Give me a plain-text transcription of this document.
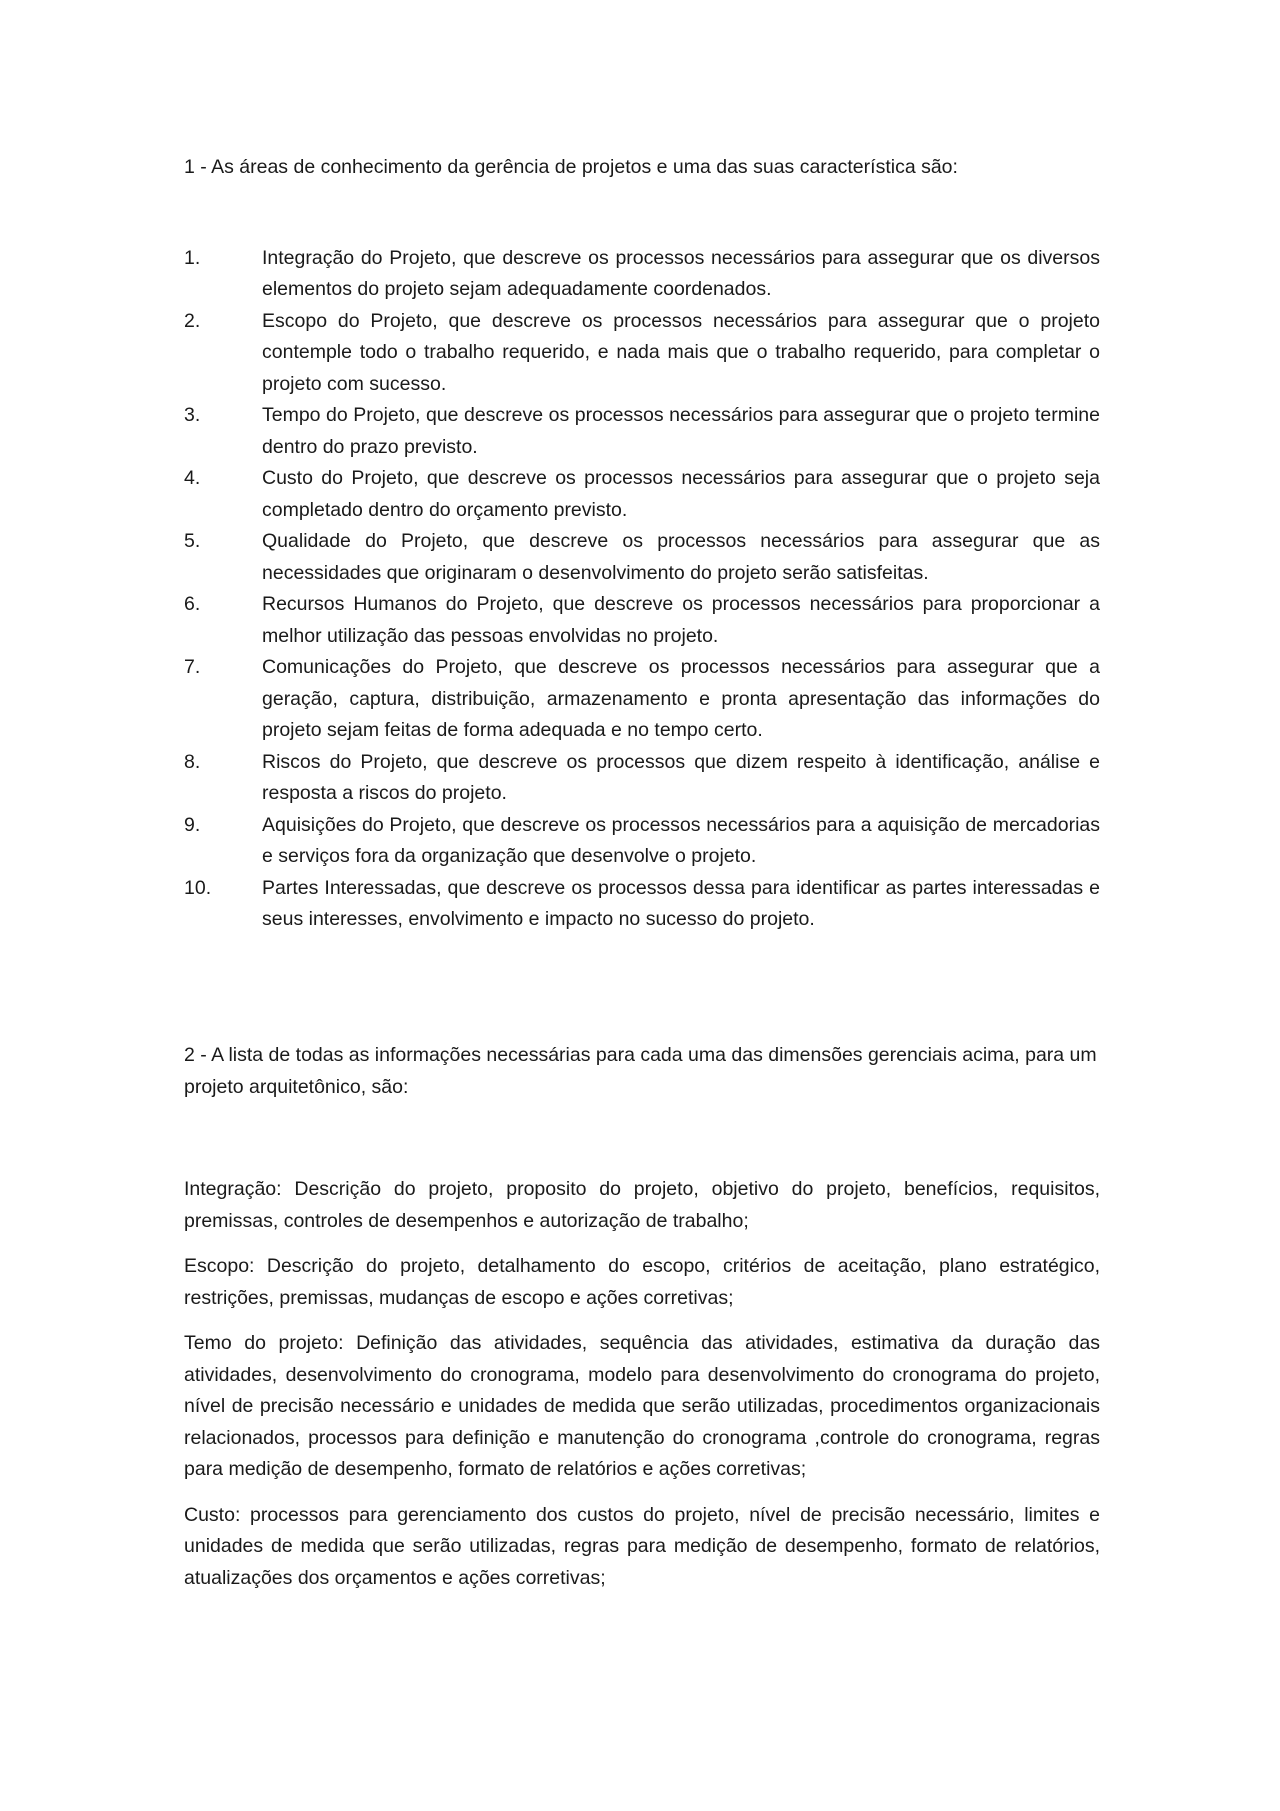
1 - As áreas de conhecimento da gerência de projetos e uma das suas característica são:

1.	Integração do Projeto, que descreve os processos necessários para assegurar que os diversos elementos do projeto sejam adequadamente coordenados.
2.	Escopo do Projeto, que descreve os processos necessários para assegurar que o projeto contemple todo o trabalho requerido, e nada mais que o trabalho requerido, para completar o projeto com sucesso.
3.	Tempo do Projeto, que descreve os processos necessários para assegurar que o projeto termine dentro do prazo previsto.
4.	Custo do Projeto, que descreve os processos necessários para assegurar que o projeto seja completado dentro do orçamento previsto.
5.	Qualidade do Projeto, que descreve os processos necessários para assegurar que as necessidades que originaram o desenvolvimento do projeto serão satisfeitas.
6.	Recursos Humanos do Projeto, que descreve os processos necessários para proporcionar a melhor utilização das pessoas envolvidas no projeto.
7.	Comunicações do Projeto, que descreve os processos necessários para assegurar que a geração, captura, distribuição, armazenamento e pronta apresentação das informações do projeto sejam feitas de forma adequada e no tempo certo.
8.	Riscos do Projeto, que descreve os processos que dizem respeito à identificação, análise e resposta a riscos do projeto.
9.	Aquisições do Projeto, que descreve os processos necessários para a aquisição de mercadorias e serviços fora da organização que desenvolve o projeto.
10.	Partes Interessadas, que descreve os processos dessa para identificar as partes interessadas e seus interesses, envolvimento e impacto no sucesso do projeto.

2 - A lista de todas as informações necessárias para cada uma das dimensões gerenciais acima, para um projeto arquitetônico, são:

Integração: Descrição do projeto, proposito do projeto, objetivo do projeto, benefícios, requisitos, premissas, controles de desempenhos e autorização de trabalho;

Escopo: Descrição do projeto, detalhamento do escopo, critérios de aceitação, plano estratégico, restrições, premissas, mudanças de escopo e ações corretivas;

Temo do projeto: Definição das atividades, sequência das atividades, estimativa da duração das atividades, desenvolvimento do cronograma, modelo para desenvolvimento do cronograma do projeto, nível de precisão necessário e unidades de medida que serão utilizadas, procedimentos organizacionais relacionados, processos para definição e manutenção do cronograma ,controle do cronograma, regras para medição de desempenho, formato de relatórios e ações corretivas;

Custo: processos para gerenciamento dos custos do projeto, nível de precisão necessário, limites e unidades de medida que serão utilizadas, regras para medição de desempenho, formato de relatórios, atualizações dos orçamentos e ações corretivas;
